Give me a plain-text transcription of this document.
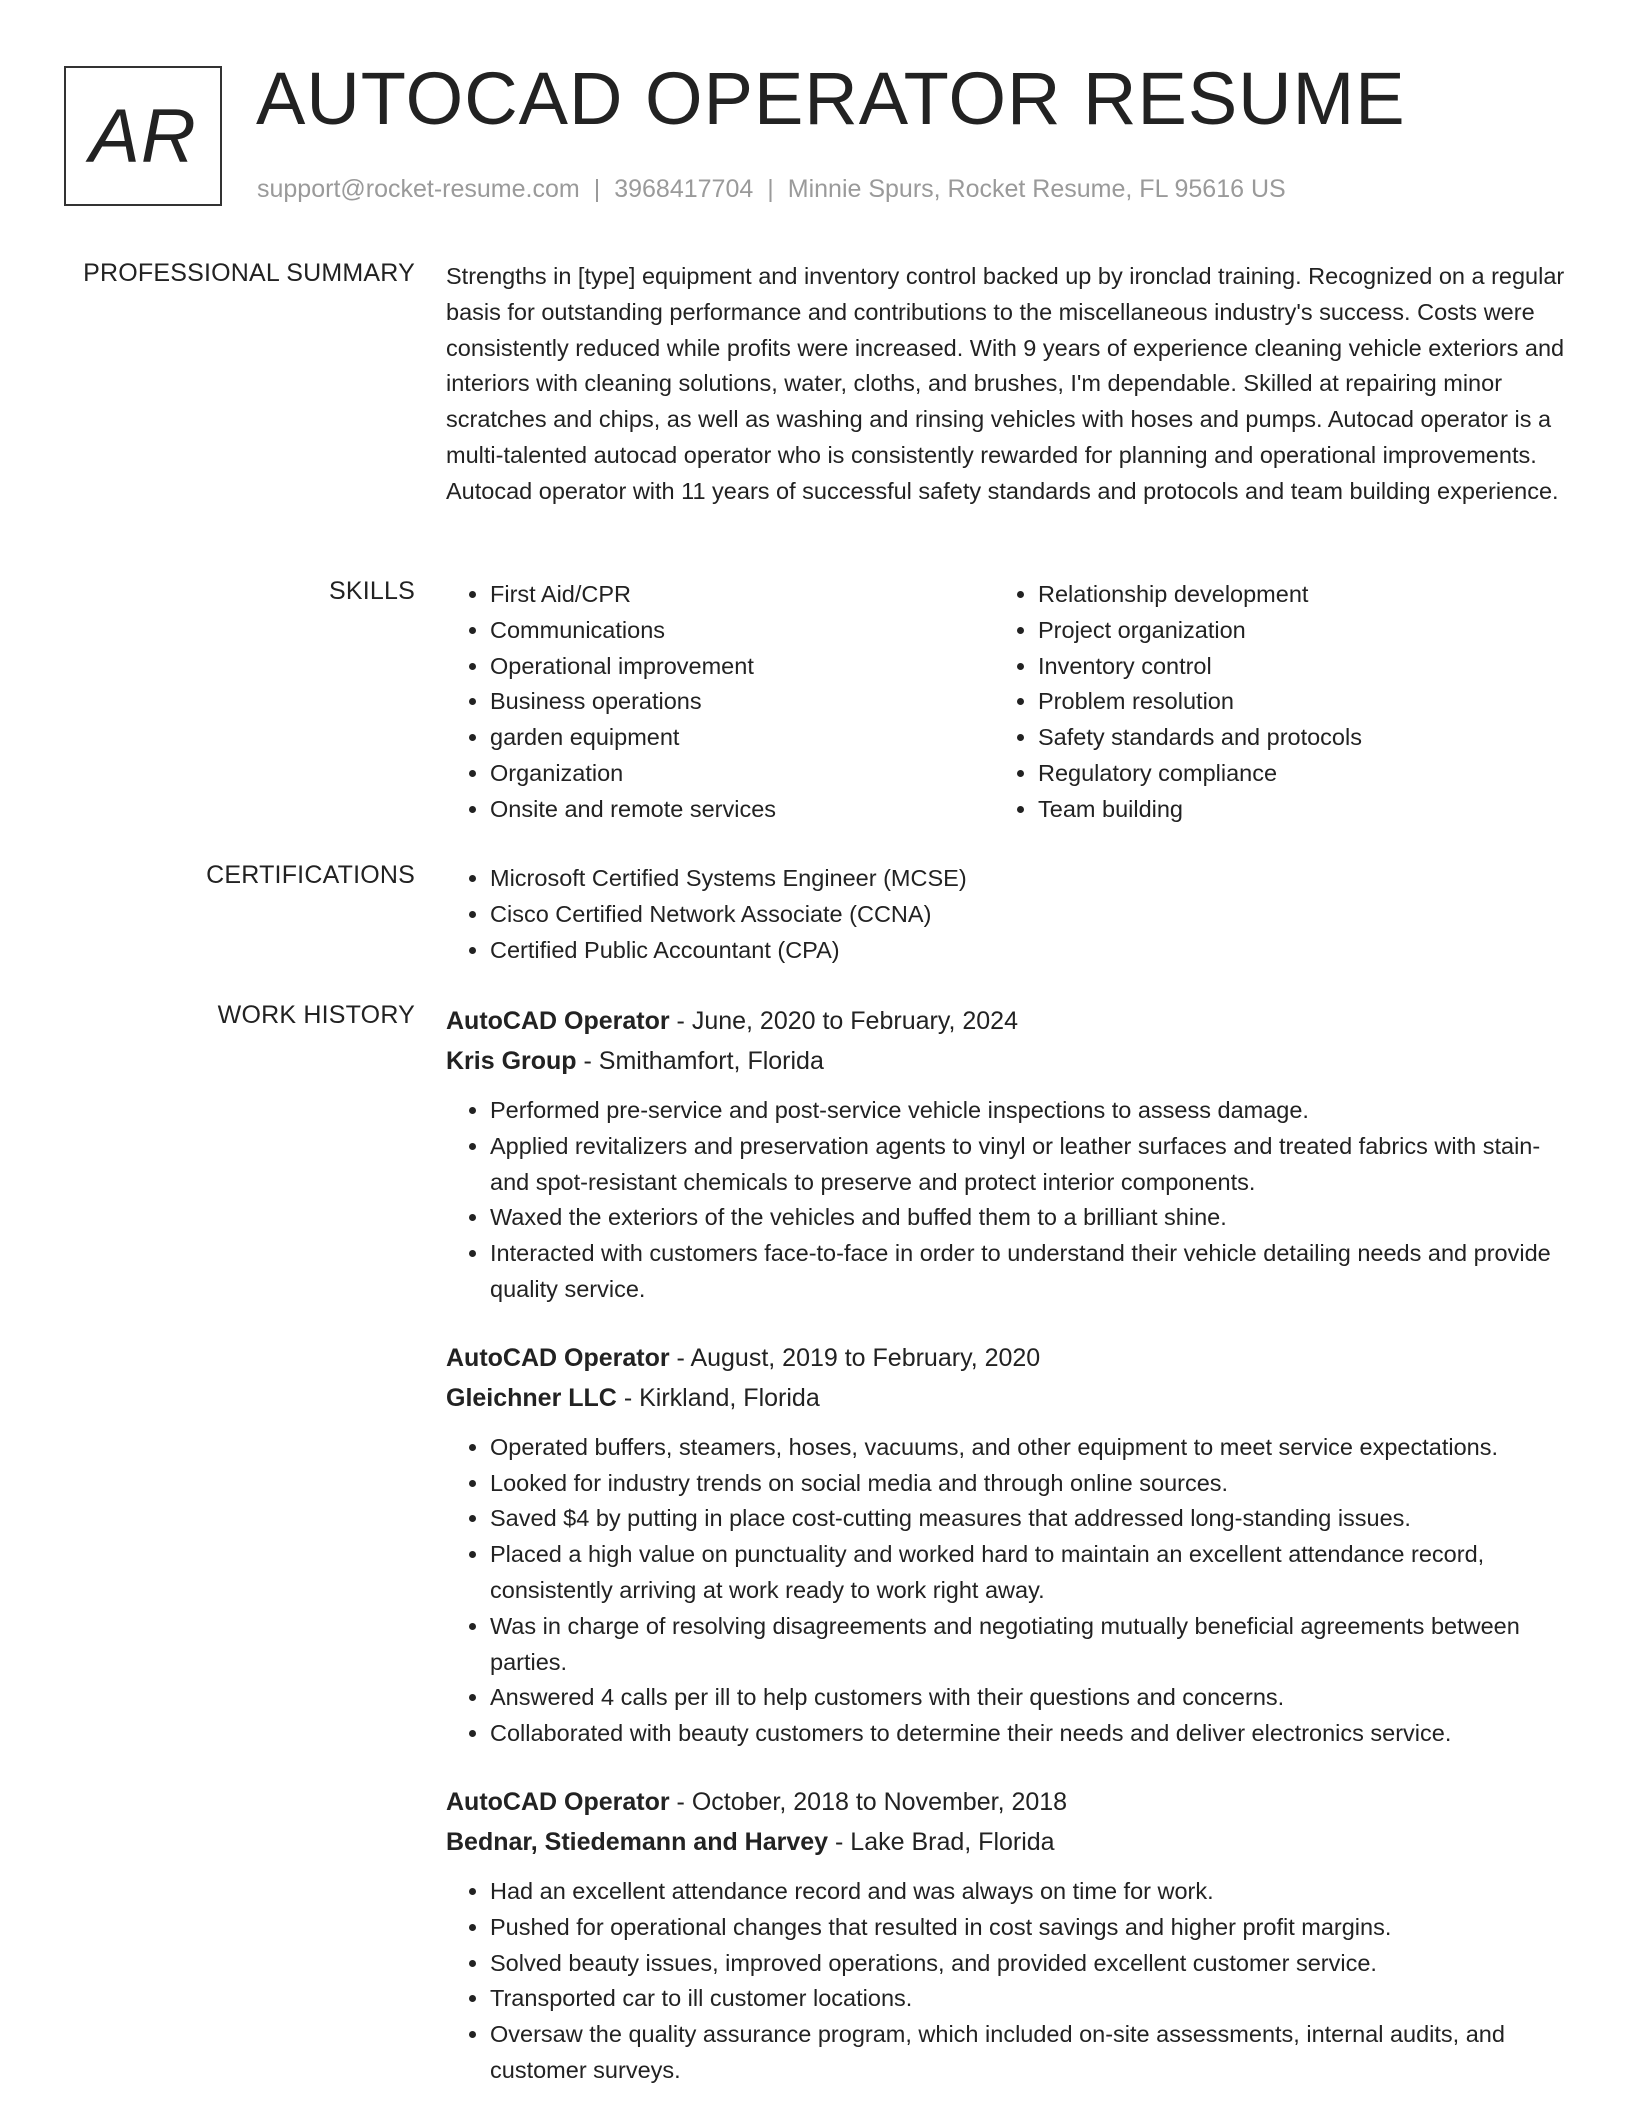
AR AUTOCAD OPERATOR RESUME
support@rocket-resume.com | 3968417704 | Minnie Spurs, Rocket Resume, FL 95616 US
PROFESSIONAL SUMMARY Strengths in [type] equipment and inventory control backed up by ironclad training. Recognized on a regular basis for outstanding performance and contributions to the miscellaneous industry's success. Costs were consistently reduced while profits were increased. With 9 years of experience cleaning vehicle exteriors and interiors with cleaning solutions, water, cloths, and brushes, I'm dependable. Skilled at repairing minor scratches and chips, as well as washing and rinsing vehicles with hoses and pumps. Autocad operator is a multi-talented autocad operator who is consistently rewarded for planning and operational improvements. Autocad operator with 11 years of successful safety standards and protocols and team building experience.

SKILLS	• First Aid/CPR
• Communications
• Operational improvement
• Business operations
• garden equipment
• Organization
• Onsite and remote services
• Relationship development
• Project organization
• Inventory control
• Problem resolution
• Safety standards and protocols
• Regulatory compliance
• Team building
CERTIFICATIONS	• Microsoft Certified Systems Engineer (MCSE)
• Cisco Certified Network Associate (CCNA)
• Certified Public Accountant (CPA)
WORK HISTORY AutoCAD Operator - June, 2020 to February, 2024
Kris Group - Smithamfort, Florida
• Performed pre-service and post-service vehicle inspections to assess damage.
• Applied revitalizers and preservation agents to vinyl or leather surfaces and treated fabrics with stain- and spot-resistant chemicals to preserve and protect interior components.
• Waxed the exteriors of the vehicles and buffed them to a brilliant shine.
• Interacted with customers face-to-face in order to understand their vehicle detailing needs and provide quality service.
AutoCAD Operator - August, 2019 to February, 2020
Gleichner LLC - Kirkland, Florida
• Operated buffers, steamers, hoses, vacuums, and other equipment to meet service expectations.
• Looked for industry trends on social media and through online sources.
• Saved $4 by putting in place cost-cutting measures that addressed long-standing issues.
• Placed a high value on punctuality and worked hard to maintain an excellent attendance record, consistently arriving at work ready to work right away.
• Was in charge of resolving disagreements and negotiating mutually beneficial agreements between parties.
• Answered 4 calls per ill to help customers with their questions and concerns.
• Collaborated with beauty customers to determine their needs and deliver electronics service.
AutoCAD Operator - October, 2018 to November, 2018
Bednar, Stiedemann and Harvey - Lake Brad, Florida
• Had an excellent attendance record and was always on time for work.
• Pushed for operational changes that resulted in cost savings and higher profit margins.
• Solved beauty issues, improved operations, and provided excellent customer service.
• Transported car to ill customer locations.
• Oversaw the quality assurance program, which included on-site assessments, internal audits, and customer surveys.
